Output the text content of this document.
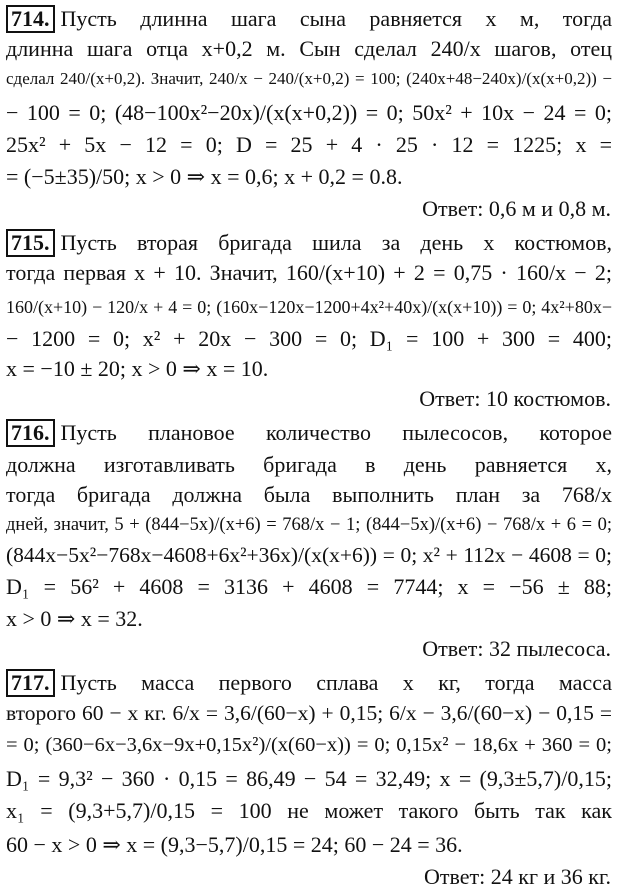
714. Пусть длинна шага сына равняется x м, тогда
длинна шага отца x+0,2 м. Сын сделал 240/x шагов, отец
сделал 240/(x+0,2). Значит, 240/x − 240/(x+0,2) = 100; (240x+48−240x)/(x(x+0,2)) −
− 100 = 0; (48−100x²−20x)/(x(x+0,2)) = 0; 50x² + 10x − 24 = 0;
25x² + 5x − 12 = 0; D = 25 + 4 · 25 · 12 = 1225; x =
= (−5±35)/50; x > 0 ⇒ x = 0,6; x + 0,2 = 0.8.
Ответ: 0,6 м и 0,8 м.
715. Пусть вторая бригада шила за день x костюмов,
тогда первая x + 10. Значит, 160/(x+10) + 2 = 0,75 · 160/x − 2;
160/(x+10) − 120/x + 4 = 0; (160x−120x−1200+4x²+40x)/(x(x+10)) = 0; 4x²+80x−
− 1200 = 0; x² + 20x − 300 = 0; D₁ = 100 + 300 = 400;
x = −10 ± 20; x > 0 ⇒ x = 10.
Ответ: 10 костюмов.
716. Пусть плановое количество пылесосов, которое
должна изготавливать бригада в день равняется x,
тогда бригада должна была выполнить план за 768/x
дней, значит, 5 + (844−5x)/(x+6) = 768/x − 1; (844−5x)/(x+6) − 768/x + 6 = 0;
(844x−5x²−768x−4608+6x²+36x)/(x(x+6)) = 0; x² + 112x − 4608 = 0;
D₁ = 56² + 4608 = 3136 + 4608 = 7744; x = −56 ± 88;
x > 0 ⇒ x = 32.
Ответ: 32 пылесоса.
717. Пусть масса первого сплава x кг, тогда масса
второго 60 − x кг. 6/x = 3,6/(60−x) + 0,15; 6/x − 3,6/(60−x) − 0,15 =
= 0; (360−6x−3,6x−9x+0,15x²)/(x(60−x)) = 0; 0,15x² − 18,6x + 360 = 0;
D₁ = 9,3² − 360 · 0,15 = 86,49 − 54 = 32,49; x = (9,3±5,7)/0,15;
x₁ = (9,3+5,7)/0,15 = 100 не может такого быть так как
60 − x > 0 ⇒ x = (9,3−5,7)/0,15 = 24; 60 − 24 = 36.
Ответ: 24 кг и 36 кг.
